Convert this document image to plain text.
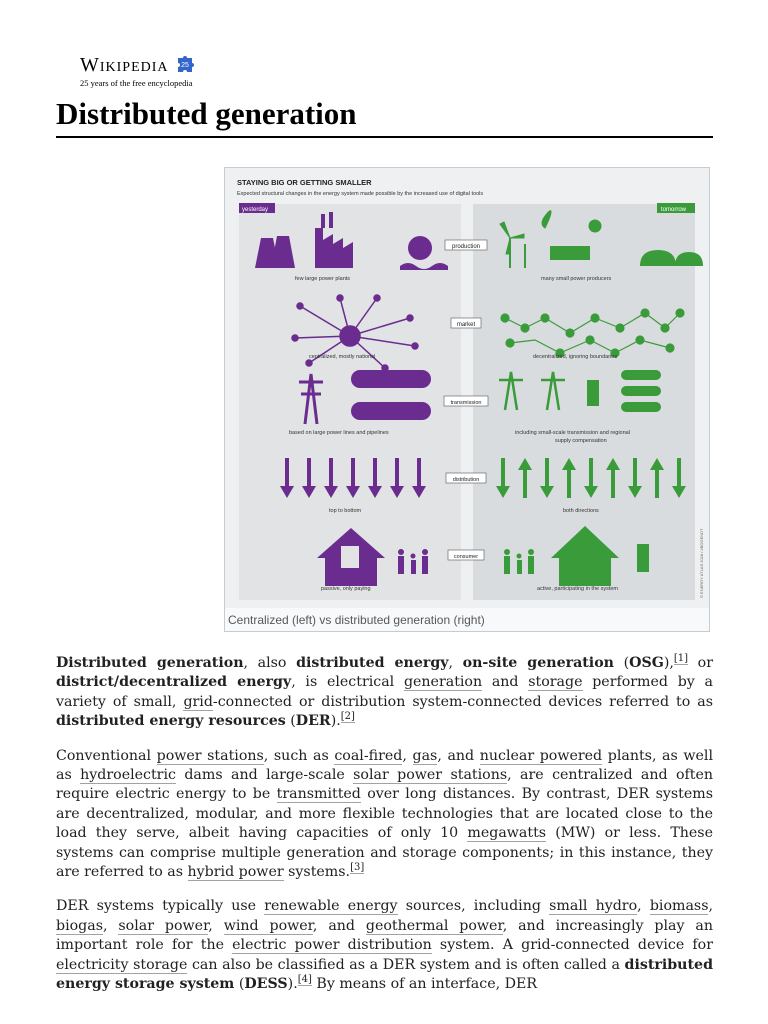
Wikipedia 25
25 years of the free encyclopedia
Distributed generation
STAYING BIG OR GETTING SMALLER
Expected structural changes in the energy system made possible by the increased use of digital tools
yesterday	tomorrow
production
few large power plants	many small power producers
market
centralized, mostly national	decentralized, ignoring boundaries
transmission
based on large power lines and pipelines	including small-scale transmission and regional
supply compensation
distribution
top to bottom	both directions
consumer
passive, only paying	active, participating in the system	© ENERGY ATLAS 2018 / #BOGENDT
Centralized (left) vs distributed generation (right)

Distributed generation, also distributed energy, on-site generation (OSG),[1] or district/decentralized energy, is electrical generation and storage performed by a variety of small, grid-connected or distribution system-connected devices referred to as distributed energy resources (DER).[2]

Conventional power stations, such as coal-fired, gas, and nuclear powered plants, as well as hydroelectric dams and large-scale solar power stations, are centralized and often require electric energy to be transmitted over long distances. By contrast, DER systems are decentralized, modular, and more flexible technologies that are located close to the load they serve, albeit having capacities of only 10 megawatts (MW) or less. These systems can comprise multiple generation and storage components; in this instance, they are referred to as hybrid power systems.[3]

DER systems typically use renewable energy sources, including small hydro, biomass, biogas, solar power, wind power, and geothermal power, and increasingly play an important role for the electric power distribution system. A grid-connected device for electricity storage can also be classified as a DER system and is often called a distributed energy storage system (DESS).[4] By means of an interface, DER
